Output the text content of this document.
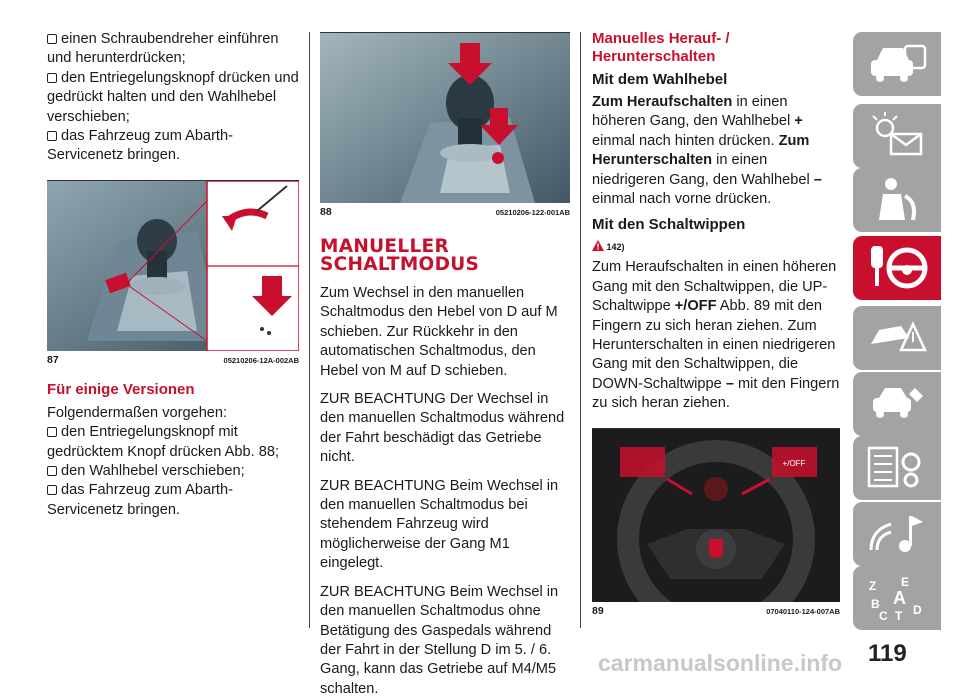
einen Schraubendreher einführen und herunterdrücken;

den Entriegelungsknopf drücken und gedrückt halten und den Wahlhebel verschieben;

das Fahrzeug zum Abarth-Servicenetz bringen.

87	05210206-12A-002AB
Für einige Versionen

Folgendermaßen vorgehen:

den Entriegelungsknopf mit gedrücktem Knopf drücken Abb. 88;

den Wahlhebel verschieben;

das Fahrzeug zum Abarth-Servicenetz bringen.

88	05210206-122-001AB
MANUELLER
SCHALTMODUS

Zum Wechsel in den manuellen Schaltmodus den Hebel von D auf M schieben. Zur Rückkehr in den automatischen Schaltmodus, den Hebel von M auf D schieben.

ZUR BEACHTUNG Der Wechsel in den manuellen Schaltmodus während der Fahrt beschädigt das Getriebe nicht.

ZUR BEACHTUNG Beim Wechsel in den manuellen Schaltmodus bei stehendem Fahrzeug wird möglicherweise der Gang M1 eingelegt.

ZUR BEACHTUNG Beim Wechsel in den manuellen Schaltmodus ohne Betätigung des Gaspedals während der Fahrt in der Stellung D im 5. / 6. Gang, kann das Getriebe auf M4/M5 schalten.

Manuelles Herauf- /
Herunterschalten
Mit dem Wahlhebel

Zum Heraufschalten in einen höheren Gang, den Wahlhebel + einmal nach hinten drücken. Zum Herunterschalten in einen niedrigeren Gang, den Wahlhebel – einmal nach vorne drücken.

Mit den Schaltwippen
142)

Zum Heraufschalten in einen höheren Gang mit den Schaltwippen, die UP-Schaltwippe +/OFF Abb. 89 mit den Fingern zu sich heran ziehen. Zum Herunterschalten in einen niedrigeren Gang mit den Schaltwippen, die DOWN-Schaltwippe – mit den Fingern zu sich heran ziehen.

+/OFF
89	07040110-124-007AB
Z E
A
B
C T D
119
carmanualsonline.info
